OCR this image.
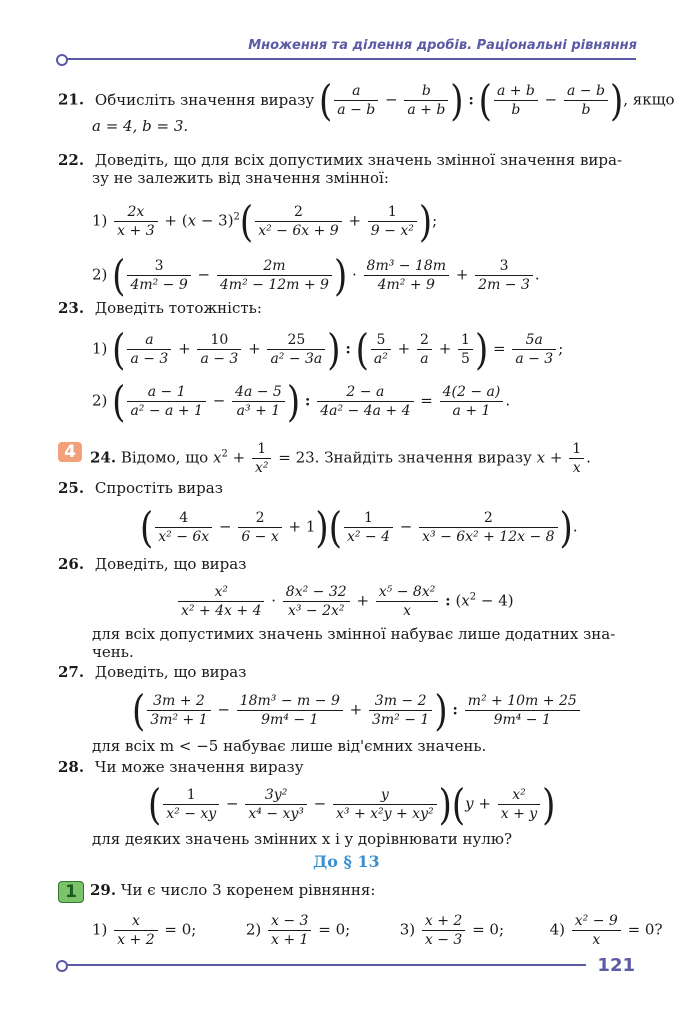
Множення та ділення дробів. Раціональні рівняння
21. Обчисліть значення виразу ( $\frac{a}{a - b} - \frac{b}{a + b}$ ) : ( $\frac{a + b}{b} - \frac{a - b}{b}$ ), якщо
a = 4, b = 3.
22. Доведіть, що для всіх допустимих значень змінної значення вира-
зу не залежить від значення змінної:
$1) \frac{2x}{x + 3} + (x - 3)^2( \frac{2}{\text{x² − 6x + 9}} + \frac{1}{\text{9 − x²}}$ );
2) ( $\frac{3}{\text{4m² − 9}} - \frac{2m}{\text{4m² − 12m + 9}}$ ) · $\frac{\text{8m³ − 18m}}{\text{4m² + 9}} + \frac{3}{2m - 3}$ .
23. Доведіть тотожність:
1) ( $\frac{a}{a - 3} + \frac{10}{a - 3} + \frac{25}{\text{a² − 3a}}$ ) : ( $\frac{5}{\text{a²}} + \frac{2}{a} + \frac{1}{5}$ ) = $\frac{5a}{a - 3}$ ;
2) ( $\frac{a - 1}{\text{a² − a + 1}} - \frac{4a - 5}{\text{a³ + 1}}$ ) : $\frac{2 - a}{\text{4a² − 4a + 4}} = \frac{4(2 - a)}{a + 1}$ .
4 24. Відомо, що $x^2 + \frac{1}{\text{x²}} = 23$. Знайдіть значення виразу $x + \frac{1}{x}$ .
25. Спростіть вираз
( $\frac{4}{\text{x² − 6x}} - \frac{2}{6 - x} + 1)( \frac{1}{\text{x² − 4}} - \frac{2}{\text{x³ − 6x² + 12x − 8}}$ ).
26. Доведіть, що вираз
$\frac{\text{x²}}{\text{x² + 4x + 4}} \cdot \frac{\text{8x² − 32}}{\text{x³ − 2x²}} + \frac{\text{x⁵ − 8x²}}{x}$ : $(x^2 - 4)$
для всіх допустимих значень змінної набуває лише додатних зна-
чень.
27. Доведіть, що вираз
( $\frac{3m + 2}{\text{3m² + 1}} - \frac{\text{18m³ − m − 9}}{\text{9m⁴ − 1}} + \frac{3m - 2}{\text{3m² − 1}}$ ) : $\frac{\text{m² + 10m + 25}}{\text{9m⁴ − 1}}$
для всіх m < −5 набуває лише від'ємних значень.
28. Чи може значення виразу
( $\frac{1}{\text{x² − xy}} - \frac{\text{3y²}}{\text{x⁴ − xy³}} - \frac{y}{\text{x³ + x²y + xy²}} )(y + \frac{\text{x²}}{x + y}$ )
для деяких значень змінних x і y дорівнювати нулю?
До § 13
1 29. Чи є число 3 коренем рівняння:
$1) \frac{x}{x + 2} = 0$;	$2) \frac{x - 3}{x + 1} = 0$;	$3) \frac{x + 2}{x - 3} = 0$;  $4) \frac{\text{x² − 9}}{x} = 0$?
121
